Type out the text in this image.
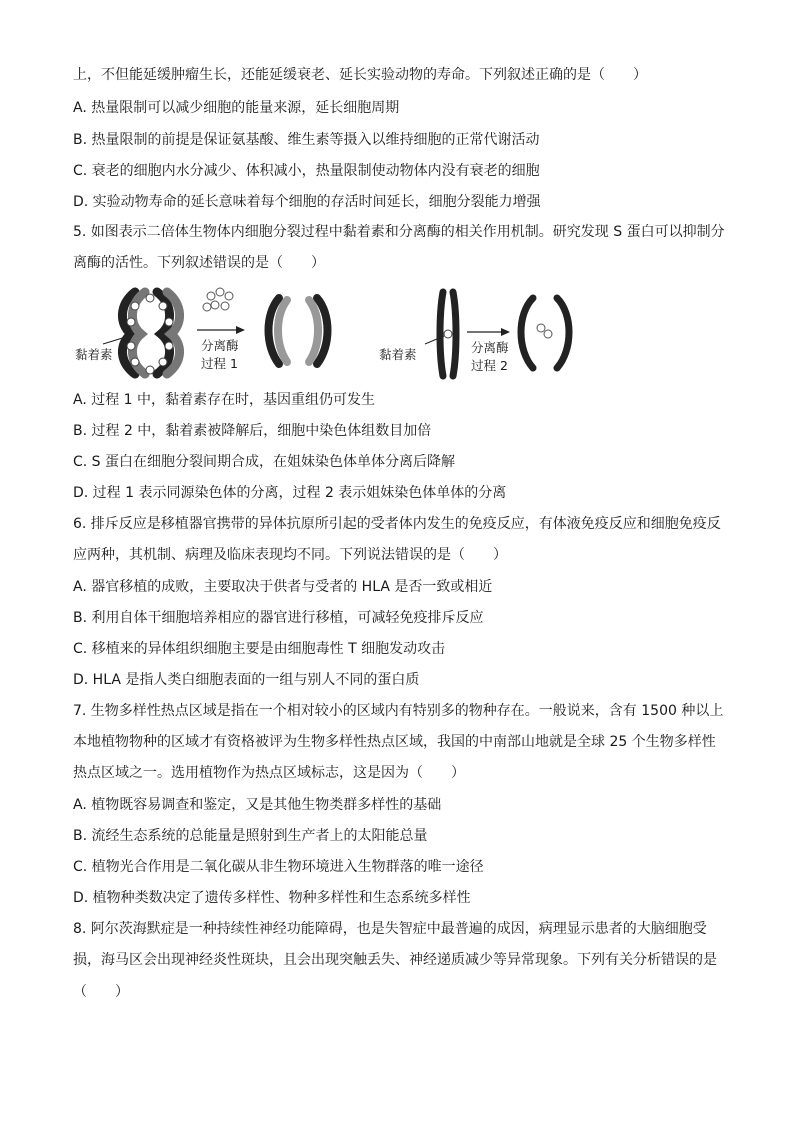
上，不但能延缓肿瘤生长，还能延缓衰老、延长实验动物的寿命。下列叙述正确的是（　　）
A. 热量限制可以减少细胞的能量来源，延长细胞周期
B. 热量限制的前提是保证氨基酸、维生素等摄入以维持细胞的正常代谢活动
C. 衰老的细胞内水分减少、体积减小，热量限制使动物体内没有衰老的细胞
D. 实验动物寿命的延长意味着每个细胞的存活时间延长，细胞分裂能力增强
5. 如图表示二倍体生物体内细胞分裂过程中黏着素和分离酶的相关作用机制。研究发现 S 蛋白可以抑制分
离酶的活性。下列叙述错误的是（　　）
黏着素
分离酶
过程 1
黏着素	分离酶
过程 2
A. 过程 1 中，黏着素存在时，基因重组仍可发生
B. 过程 2 中，黏着素被降解后，细胞中染色体组数目加倍
C. S 蛋白在细胞分裂间期合成，在姐妹染色体单体分离后降解
D. 过程 1 表示同源染色体的分离，过程 2 表示姐妹染色体单体的分离
6. 排斥反应是移植器官携带的异体抗原所引起的受者体内发生的免疫反应，有体液免疫反应和细胞免疫反
应两种，其机制、病理及临床表现均不同。下列说法错误的是（　　）
A. 器官移植的成败，主要取决于供者与受者的 HLA 是否一致或相近
B. 利用自体干细胞培养相应的器官进行移植，可减轻免疫排斥反应
C. 移植来的异体组织细胞主要是由细胞毒性 T 细胞发动攻击
D. HLA 是指人类白细胞表面的一组与别人不同的蛋白质
7. 生物多样性热点区域是指在一个相对较小的区域内有特别多的物种存在。一般说来，含有 1500 种以上
本地植物物种的区域才有资格被评为生物多样性热点区域，我国的中南部山地就是全球 25 个生物多样性
热点区域之一。选用植物作为热点区域标志，这是因为（　　）
A. 植物既容易调查和鉴定，又是其他生物类群多样性的基础
B. 流经生态系统的总能量是照射到生产者上的太阳能总量
C. 植物光合作用是二氧化碳从非生物环境进入生物群落的唯一途径
D. 植物种类数决定了遗传多样性、物种多样性和生态系统多样性
8. 阿尔茨海默症是一种持续性神经功能障碍，也是失智症中最普遍的成因，病理显示患者的大脑细胞受
损，海马区会出现神经炎性斑块，且会出现突触丢失、神经递质减少等异常现象。下列有关分析错误的是
（　　）
